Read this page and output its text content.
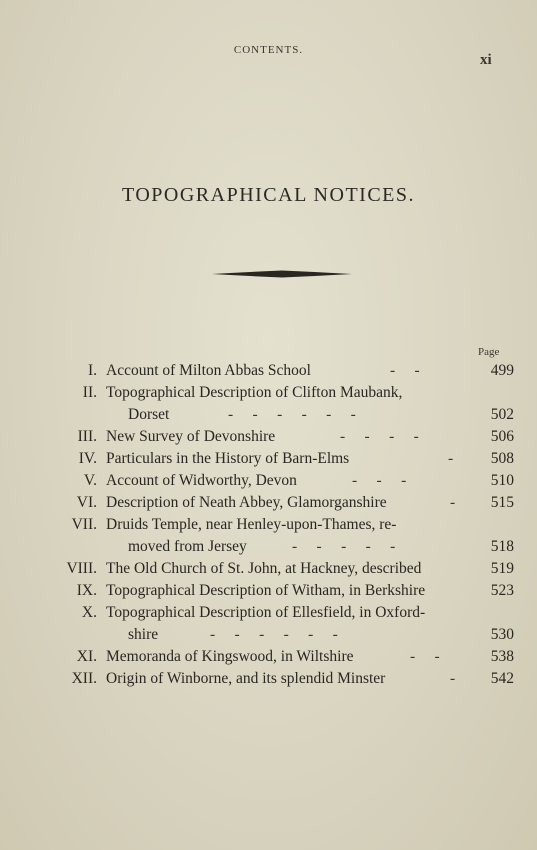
CONTENTS.
xi
TOPOGRAPHICAL NOTICES.
Page
I. Account of Milton Abbas School	-     -	499
II. Topographical Description of Clifton Maubank,
Dorset	-     -     -     -     -     -	502
III. New Survey of Devonshire	-     -     -     -	506
IV. Particulars in the History of Barn-Elms	-	508
V. Account of Widworthy, Devon	-     -     -	510
VI. Description of Neath Abbey, Glamorganshire	-	515
VII. Druids Temple, near Henley-upon-Thames, re-
moved from Jersey	-     -     -     -     -	518
VIII. The Old Church of St. John, at Hackney, described	519
IX. Topographical Description of Witham, in Berkshire	523
X. Topographical Description of Ellesfield, in Oxford-
shire	-     -     -     -     -     -	530
XI. Memoranda of Kingswood, in Wiltshire	-     -	538
XII. Origin of Winborne, and its splendid Minster	-	542
